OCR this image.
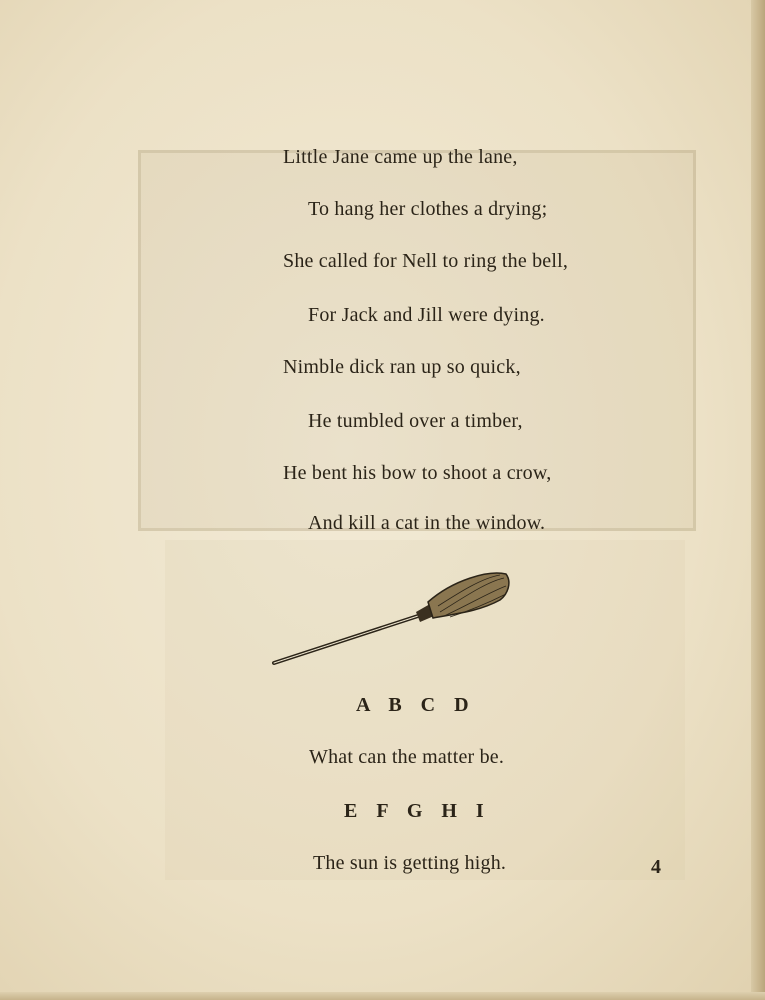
Little Jane came up the lane,
To hang her clothes a drying;
She called for Nell to ring the bell,
For Jack and Jill were dying.
Nimble dick ran up so quick,
He tumbled over a timber,
He bent his bow to shoot a crow,
And kill a cat in the window.
A B C D
What can the matter be.
E F G H I
The sun is getting high.	4
